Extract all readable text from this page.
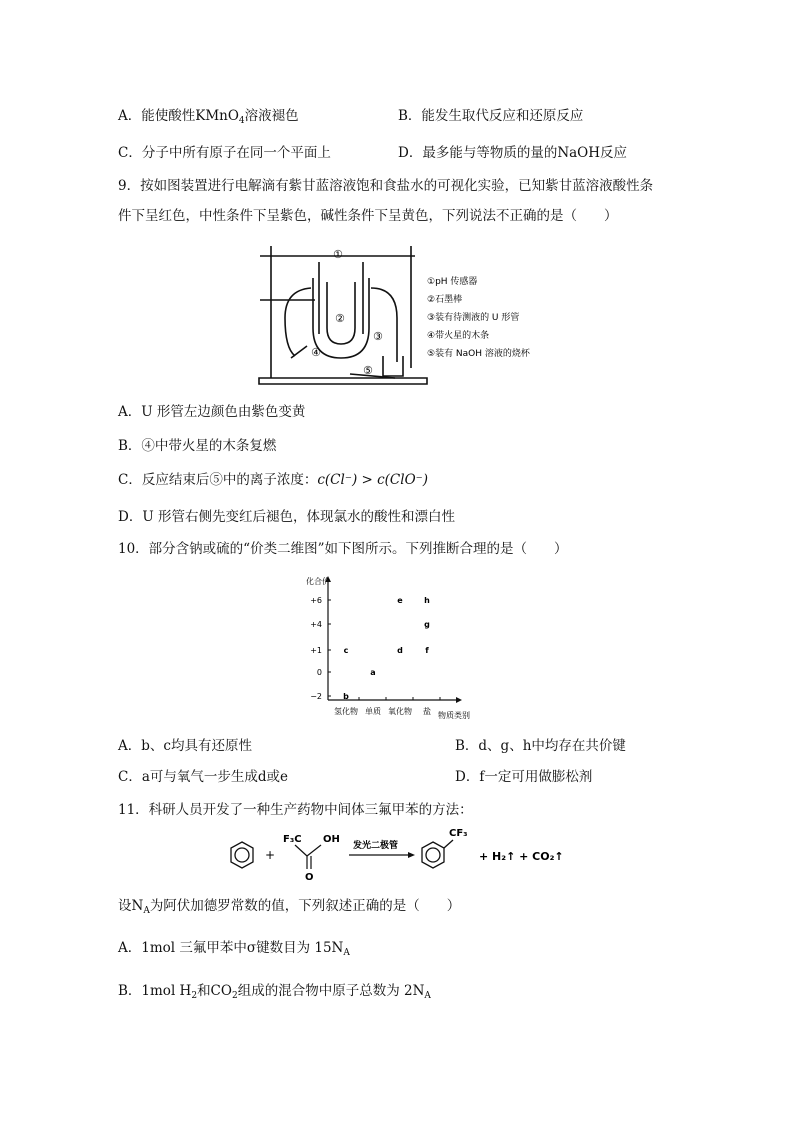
A．能使酸性KMnO$_4$溶液褪色	B．能发生取代反应和还原反应
C．分子中所有原子在同一个平面上	D．最多能与等物质的量的NaOH反应
9．按如图装置进行电解滴有紫甘蓝溶液饱和食盐水的可视化实验，已知紫甘蓝溶液酸性条
件下呈红色，中性条件下呈紫色，碱性条件下呈黄色，下列说法不正确的是（　　）
①
②
③
④
⑤
①pH 传感器
②石墨棒
③装有待测液的 U 形管
④带火星的木条
⑤装有 NaOH 溶液的烧杯
A．U 形管左边颜色由紫色变黄
B．④中带火星的木条复燃
C．反应结束后⑤中的离子浓度：c(Cl⁻) > c(ClO⁻)
D．U 形管右侧先变红后褪色，体现氯水的酸性和漂白性
10．部分含钠或硫的“价类二维图”如下图所示。下列推断合理的是（　　）
化合价
物质类别
+6
+4
+1
0
−2
氢化物 单质 氧化物 盐
b
c
a
d
e
f
g
h
A．b、c均具有还原性	B．d、g、h中均存在共价键
C．a可与氧气一步生成d或e	D．f一定可用做膨松剂
11．科研人员开发了一种生产药物中间体三氟甲苯的方法：
+
F₃C OH
O
发光二极管
CF₃
+ H₂↑ + CO₂↑
设$N_A$为阿伏加德罗常数的值，下列叙述正确的是（　　）
A．1mol 三氟甲苯中σ键数目为 $15N_A$
B．1mol $H_2$和$CO_2$组成的混合物中原子总数为 $2N_A$
